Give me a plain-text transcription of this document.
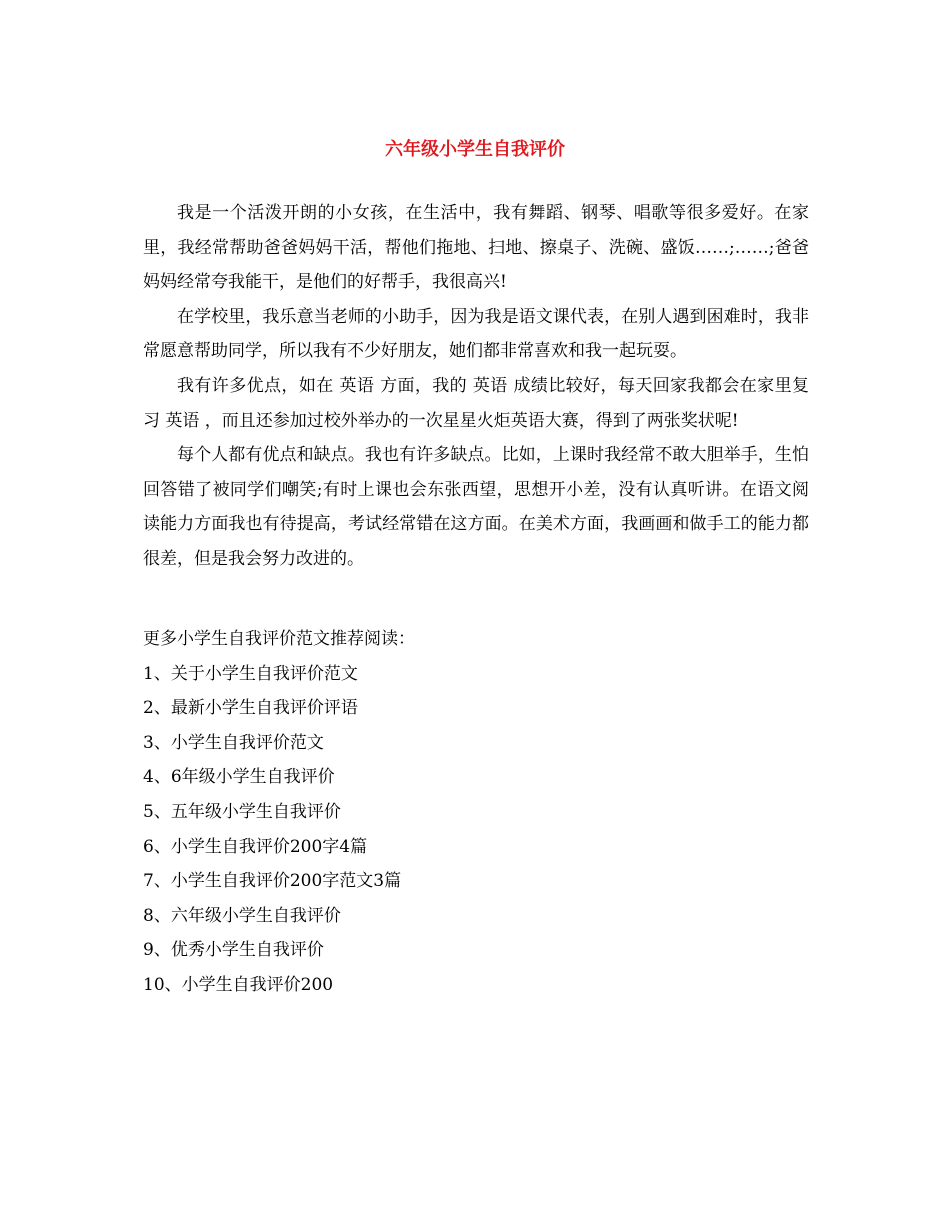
六年级小学生自我评价

我是一个活泼开朗的小女孩，在生活中，我有舞蹈、钢琴、唱歌等很多爱好。在家里，我经常帮助爸爸妈妈干活，帮他们拖地、扫地、擦桌子、洗碗、盛饭……;……;爸爸妈妈经常夸我能干，是他们的好帮手，我很高兴!

在学校里，我乐意当老师的小助手，因为我是语文课代表，在别人遇到困难时，我非常愿意帮助同学，所以我有不少好朋友，她们都非常喜欢和我一起玩耍。

我有许多优点，如在 英语 方面，我的 英语 成绩比较好，每天回家我都会在家里复习 英语 ，而且还参加过校外举办的一次星星火炬英语大赛，得到了两张奖状呢!

每个人都有优点和缺点。我也有许多缺点。比如，上课时我经常不敢大胆举手，生怕回答错了被同学们嘲笑;有时上课也会东张西望，思想开小差，没有认真听讲。在语文阅读能力方面我也有待提高，考试经常错在这方面。在美术方面，我画画和做手工的能力都很差，但是我会努力改进的。

更多小学生自我评价范文推荐阅读：

1、关于小学生自我评价范文

2、最新小学生自我评价评语

3、小学生自我评价范文

4、6年级小学生自我评价

5、五年级小学生自我评价

6、小学生自我评价200字4篇

7、小学生自我评价200字范文3篇

8、六年级小学生自我评价

9、优秀小学生自我评价

10、小学生自我评价200
